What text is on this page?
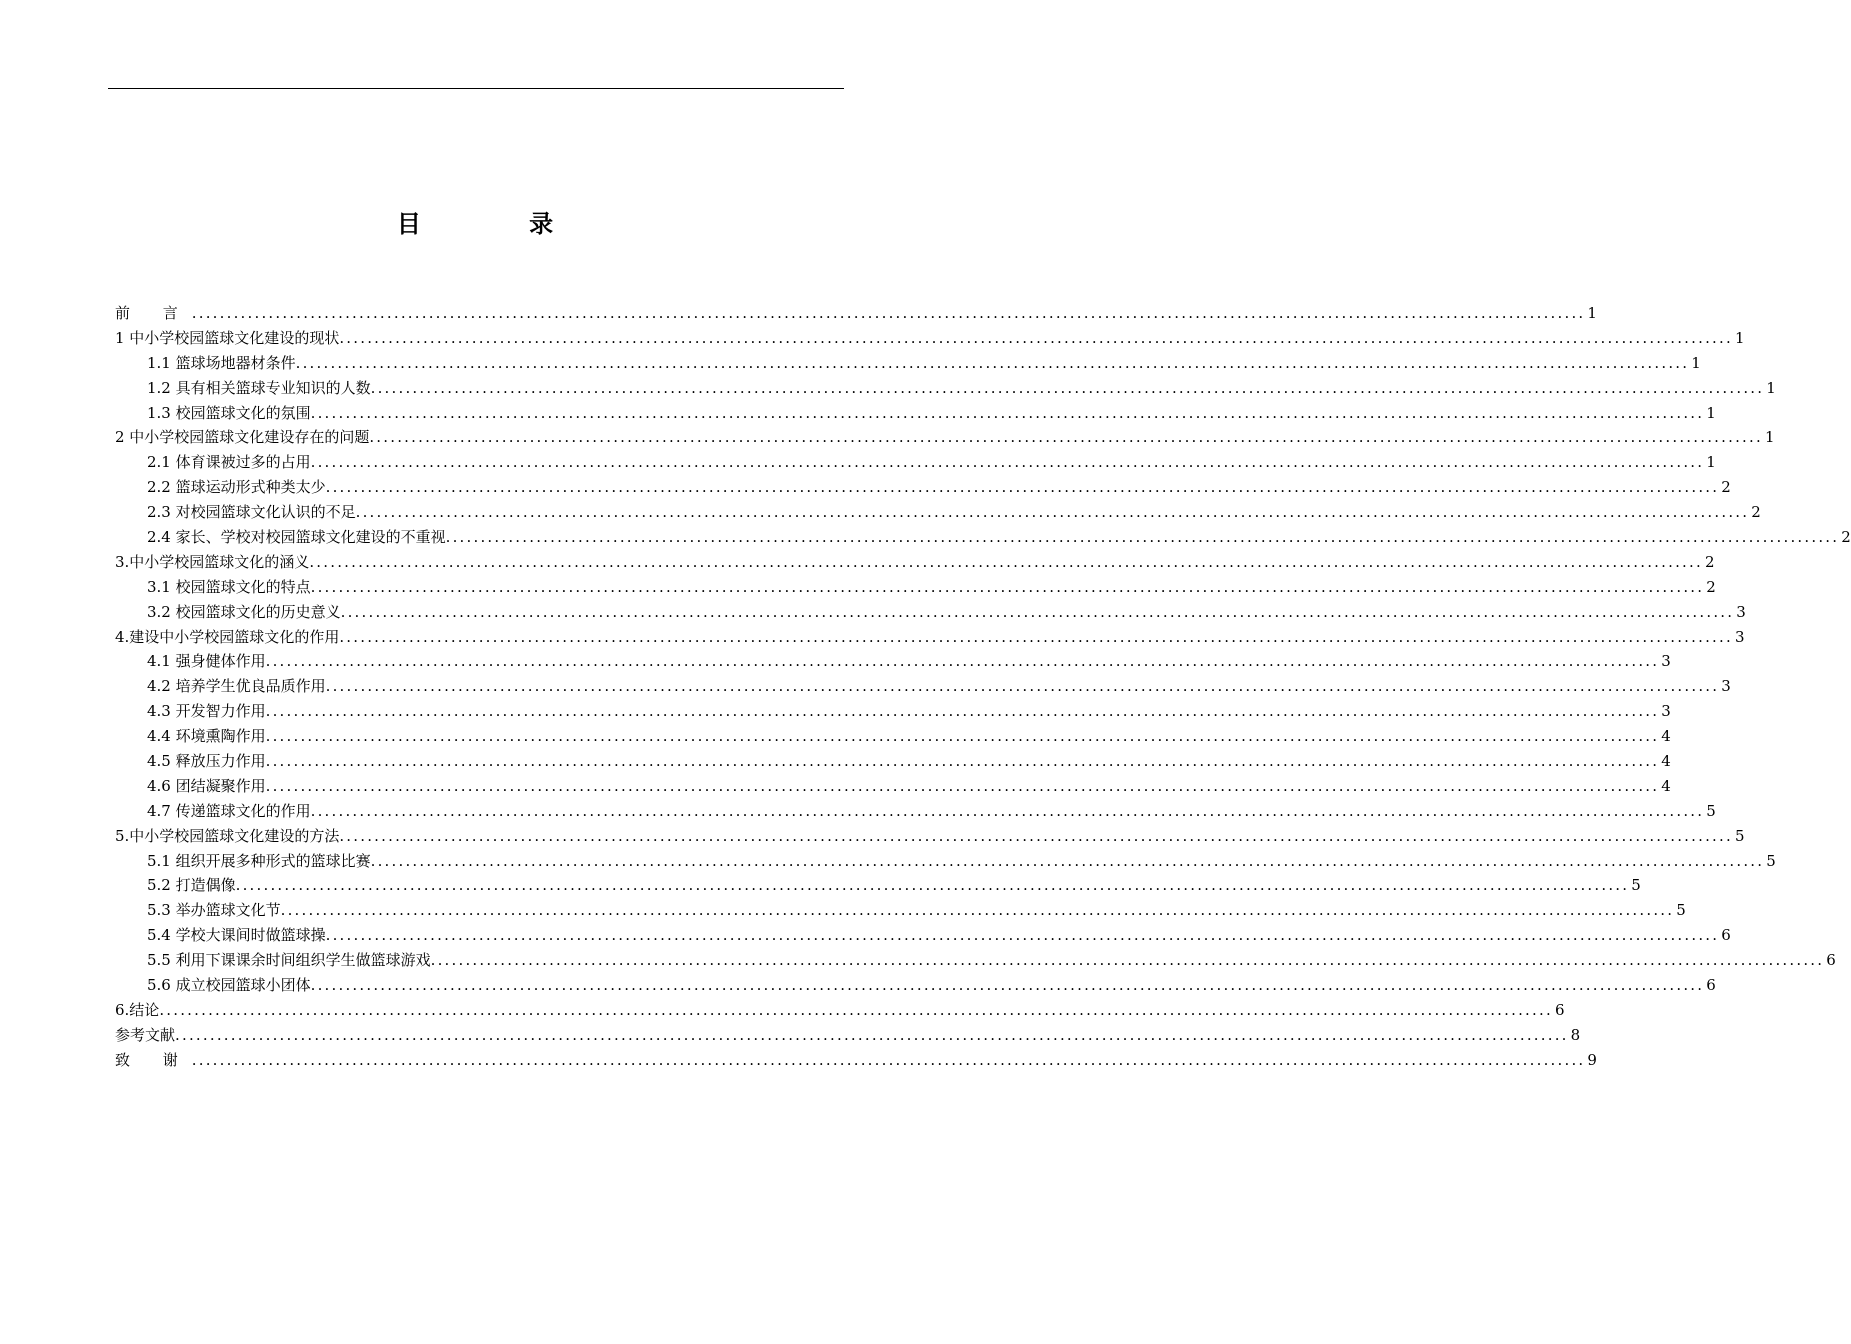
目 录
前 言 ........................................................................................................................................................................................................ 1
1 中小学校园篮球文化建设的现状 ........................................................................................................................................................................................................ 1
1.1 篮球场地器材条件 ........................................................................................................................................................................................................ 1
1.2 具有相关篮球专业知识的人数 ........................................................................................................................................................................................................ 1
1.3 校园篮球文化的氛围 ........................................................................................................................................................................................................ 1
2 中小学校园篮球文化建设存在的问题 ........................................................................................................................................................................................................ 1
2.1 体育课被过多的占用 ........................................................................................................................................................................................................ 1
2.2 篮球运动形式种类太少 ........................................................................................................................................................................................................ 2
2.3 对校园篮球文化认识的不足 ........................................................................................................................................................................................................ 2
2.4 家长、学校对校园篮球文化建设的不重视 ........................................................................................................................................................................................................ 2
3.中小学校园篮球文化的涵义 ........................................................................................................................................................................................................ 2
3.1 校园篮球文化的特点 ........................................................................................................................................................................................................ 2
3.2 校园篮球文化的历史意义 ........................................................................................................................................................................................................ 3
4.建设中小学校园篮球文化的作用 ........................................................................................................................................................................................................ 3
4.1 强身健体作用 ........................................................................................................................................................................................................ 3
4.2 培养学生优良品质作用 ........................................................................................................................................................................................................ 3
4.3 开发智力作用 ........................................................................................................................................................................................................ 3
4.4 环境熏陶作用 ........................................................................................................................................................................................................ 4
4.5 释放压力作用 ........................................................................................................................................................................................................ 4
4.6 团结凝聚作用 ........................................................................................................................................................................................................ 4
4.7 传递篮球文化的作用 ........................................................................................................................................................................................................ 5
5.中小学校园篮球文化建设的方法 ........................................................................................................................................................................................................ 5
5.1 组织开展多种形式的篮球比赛 ........................................................................................................................................................................................................ 5
5.2 打造偶像 ........................................................................................................................................................................................................ 5
5.3 举办篮球文化节 ........................................................................................................................................................................................................ 5
5.4 学校大课间时做篮球操 ........................................................................................................................................................................................................ 6
5.5 利用下课课余时间组织学生做篮球游戏 ........................................................................................................................................................................................................ 6
5.6 成立校园篮球小团体 ........................................................................................................................................................................................................ 6
6.结论 ........................................................................................................................................................................................................ 6
参考文献 ........................................................................................................................................................................................................ 8
致 谢 ........................................................................................................................................................................................................ 9
